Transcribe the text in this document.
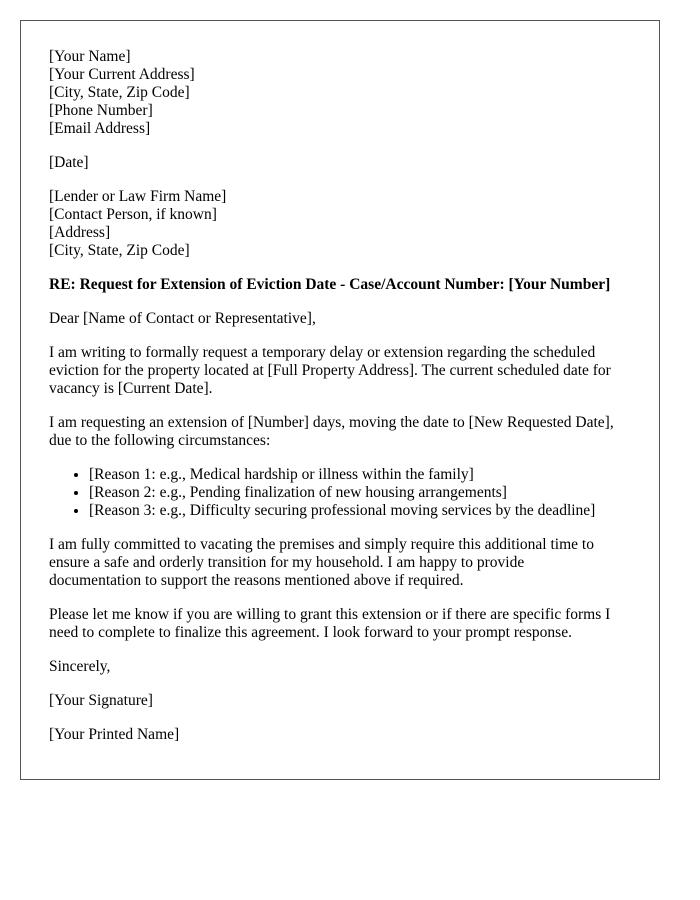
[Your Name]
[Your Current Address]
[City, State, Zip Code]
[Phone Number]
[Email Address]
[Date]
[Lender or Law Firm Name]
[Contact Person, if known]
[Address]
[City, State, Zip Code]
RE: Request for Extension of Eviction Date - Case/Account Number: [Your Number]

Dear [Name of Contact or Representative],

I am writing to formally request a temporary delay or extension regarding the scheduled
eviction for the property located at [Full Property Address]. The current scheduled date for
vacancy is [Current Date].

I am requesting an extension of [Number] days, moving the date to [New Requested Date],
due to the following circumstances:

• [Reason 1: e.g., Medical hardship or illness within the family]
• [Reason 2: e.g., Pending finalization of new housing arrangements]
• [Reason 3: e.g., Difficulty securing professional moving services by the deadline]

I am fully committed to vacating the premises and simply require this additional time to
ensure a safe and orderly transition for my household. I am happy to provide
documentation to support the reasons mentioned above if required.

Please let me know if you are willing to grant this extension or if there are specific forms I
need to complete to finalize this agreement. I look forward to your prompt response.

Sincerely,

[Your Signature]

[Your Printed Name]
